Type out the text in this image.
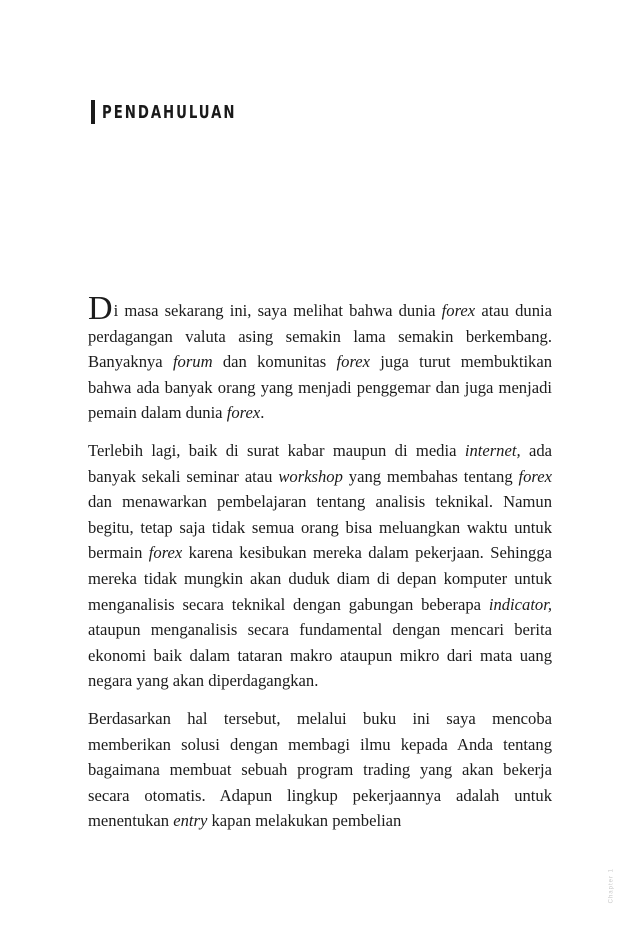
PENDAHULUAN

Di masa sekarang ini, saya melihat bahwa dunia forex atau dunia perdagangan valuta asing semakin lama semakin berkembang. Banyaknya forum dan komunitas forex juga turut membuktikan bahwa ada banyak orang yang menjadi penggemar dan juga menjadi pemain dalam dunia forex.

Terlebih lagi, baik di surat kabar maupun di media internet, ada banyak sekali seminar atau workshop yang membahas tentang forex dan menawarkan pembelajaran tentang analisis teknikal. Namun begitu, tetap saja tidak semua orang bisa meluangkan waktu untuk bermain forex karena kesibukan mereka dalam pekerjaan. Sehingga mereka tidak mungkin akan duduk diam di depan komputer untuk menganalisis secara teknikal dengan gabungan beberapa indicator, ataupun menganalisis secara fundamental dengan mencari berita ekonomi baik dalam tataran makro ataupun mikro dari mata uang negara yang akan diperdagangkan.

Berdasarkan hal tersebut, melalui buku ini saya mencoba memberikan solusi dengan membagi ilmu kepada Anda tentang bagaimana membuat sebuah program trading yang akan bekerja secara otomatis. Adapun lingkup pekerjaannya adalah untuk menentukan entry kapan melakukan pembelian

Chapter 1
